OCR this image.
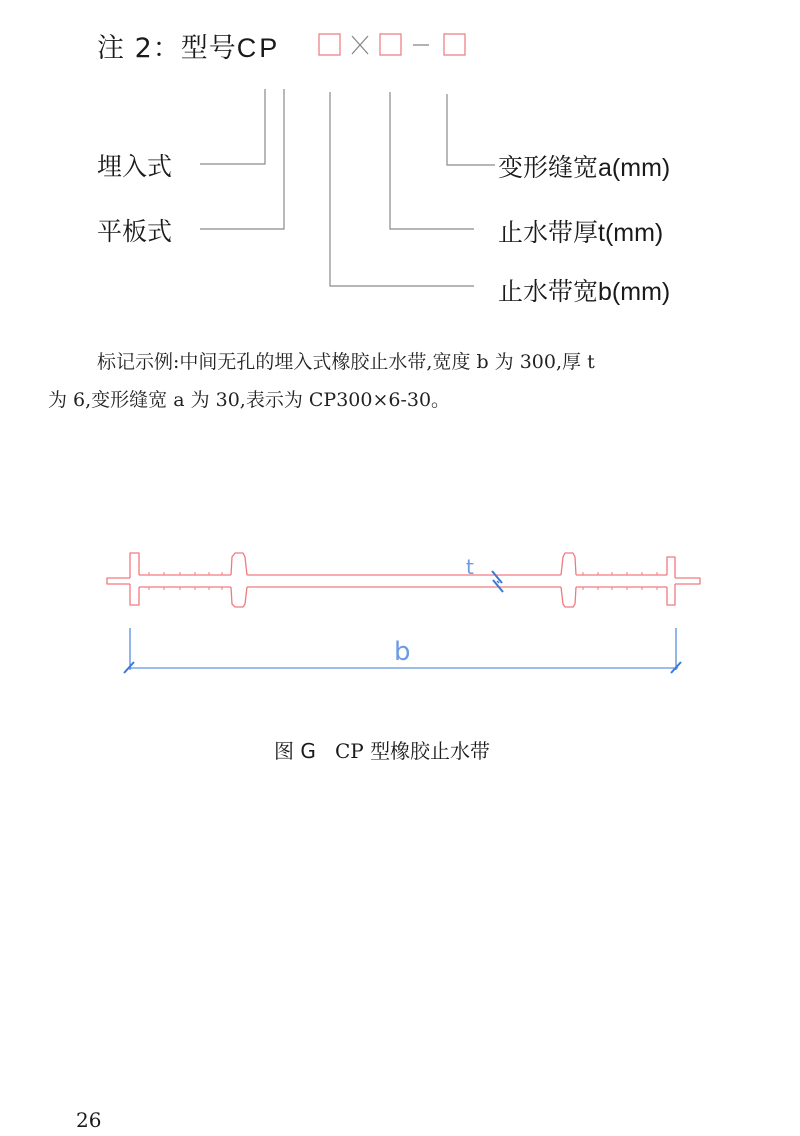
注 2：型号CP
t
b
埋入式
平板式
变形缝宽a(mm)
止水带厚t(mm)
止水带宽b(mm)
标记示例:中间无孔的埋入式橡胶止水带,宽度 b 为 300,厚 t
为 6,变形缝宽 a 为 30,表示为 CP300×6-30。
图 G CP 型橡胶止水带
26
